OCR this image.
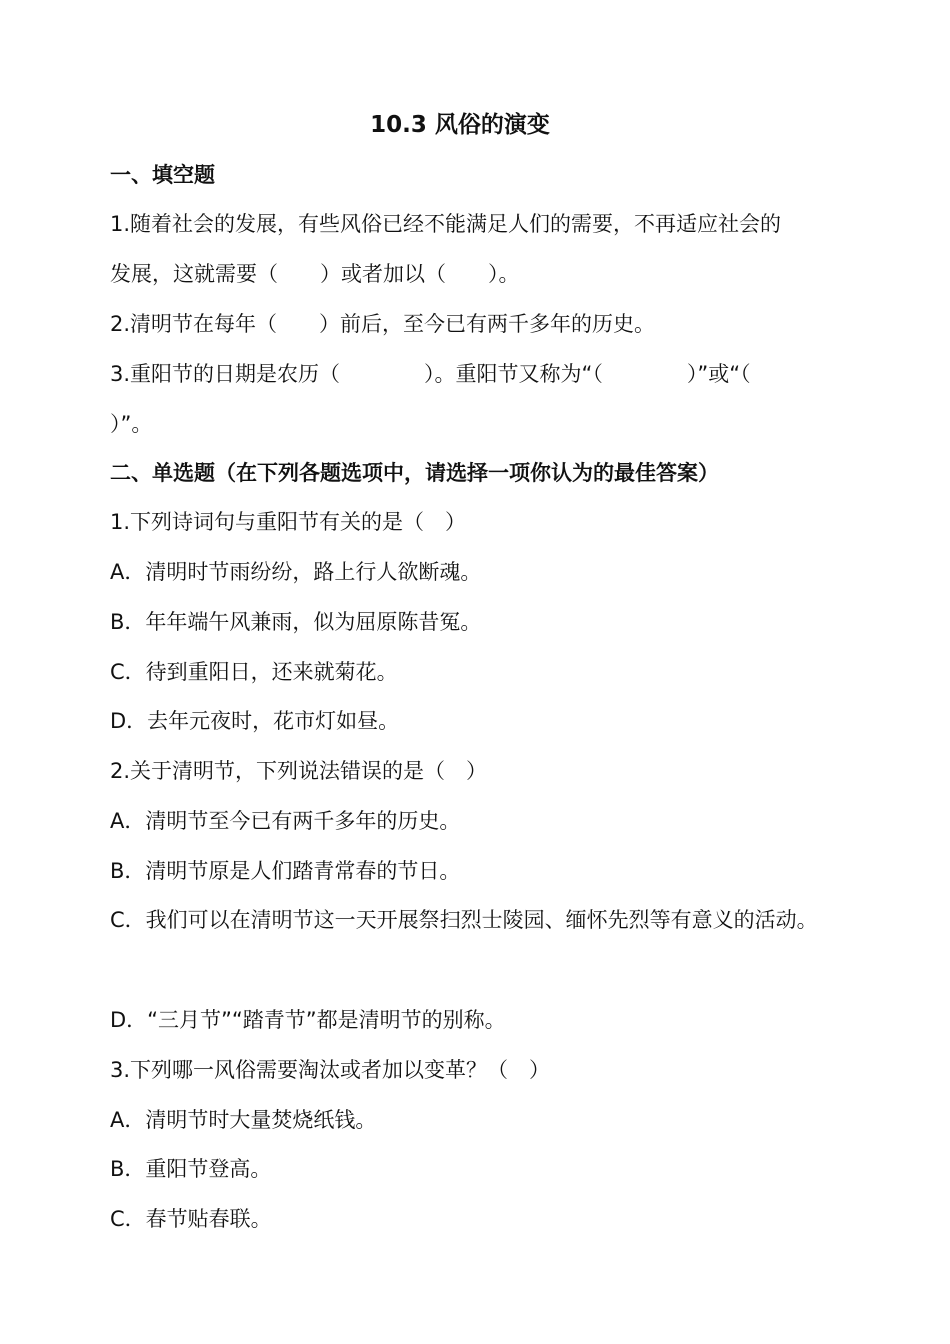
10.3 风俗的演变
一、填空题
1.随着社会的发展，有些风俗已经不能满足人们的需要，不再适应社会的
发展，这就需要（　　）或者加以（　　）。
2.清明节在每年（　　）前后，至今已有两千多年的历史。
3.重阳节的日期是农历（　　　　）。重阳节又称为“（　　　　）”或“（
）”。
二、单选题（在下列各题选项中，请选择一项你认为的最佳答案）
1.下列诗词句与重阳节有关的是（　）
A．清明时节雨纷纷，路上行人欲断魂。
B．年年端午风兼雨，似为屈原陈昔冤。
C．待到重阳日，还来就菊花。
D．去年元夜时，花市灯如昼。
2.关于清明节，下列说法错误的是（　）
A．清明节至今已有两千多年的历史。
B．清明节原是人们踏青常春的节日。
C．我们可以在清明节这一天开展祭扫烈士陵园、缅怀先烈等有意义的活动。
D．“三月节”“踏青节”都是清明节的别称。
3.下列哪一风俗需要淘汰或者加以变革？（　）
A．清明节时大量焚烧纸钱。
B．重阳节登高。
C．春节贴春联。
